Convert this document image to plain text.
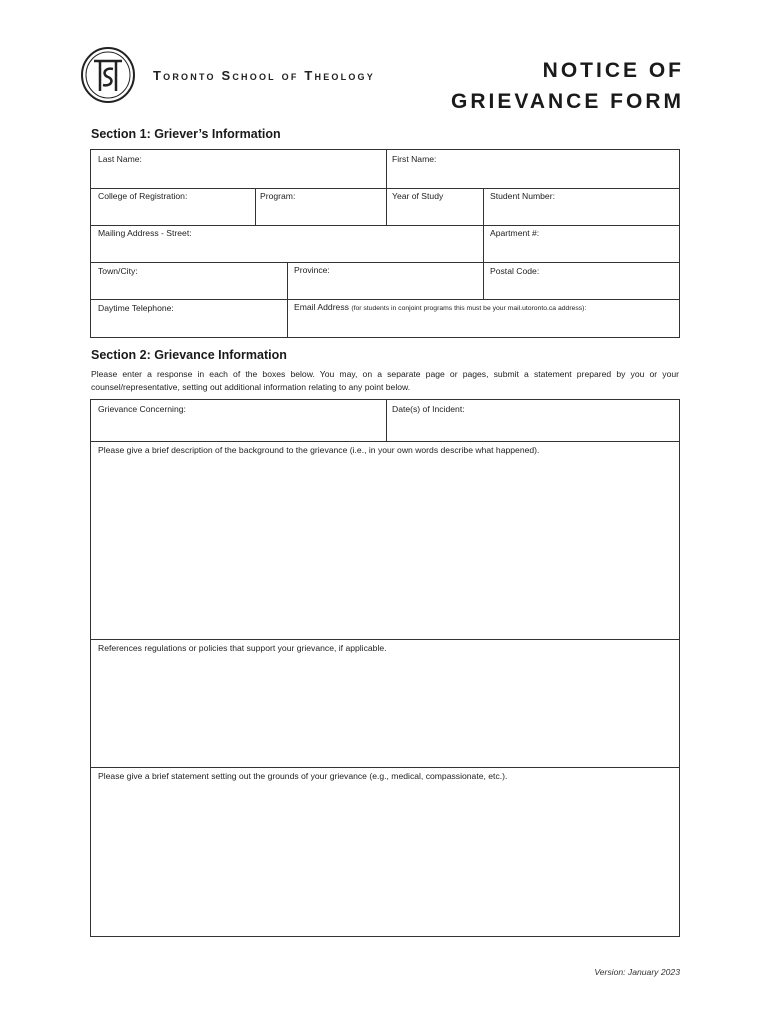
Toronto School of Theology	NOTICE OF
GRIEVANCE FORM
Section 1: Griever’s Information
Last Name:	First Name:
College of Registration:	Program:	Year of Study	Student Number:
Mailing Address - Street:	Apartment #:
Town/City:	Province:	Postal Code:
Daytime Telephone:	Email Address (for students in conjoint programs this must be your mail.utoronto.ca address):
Section 2: Grievance Information
Please enter a response in each of the boxes below. You may, on a separate page or pages, submit a statement prepared by you or your counsel/representative, setting out additional information relating to any point below.
Grievance Concerning:	Date(s) of Incident:
Please give a brief description of the background to the grievance (i.e., in your own words describe what happened).
References regulations or policies that support your grievance, if applicable.
Please give a brief statement setting out the grounds of your grievance (e.g., medical, compassionate, etc.).
Version: January 2023
